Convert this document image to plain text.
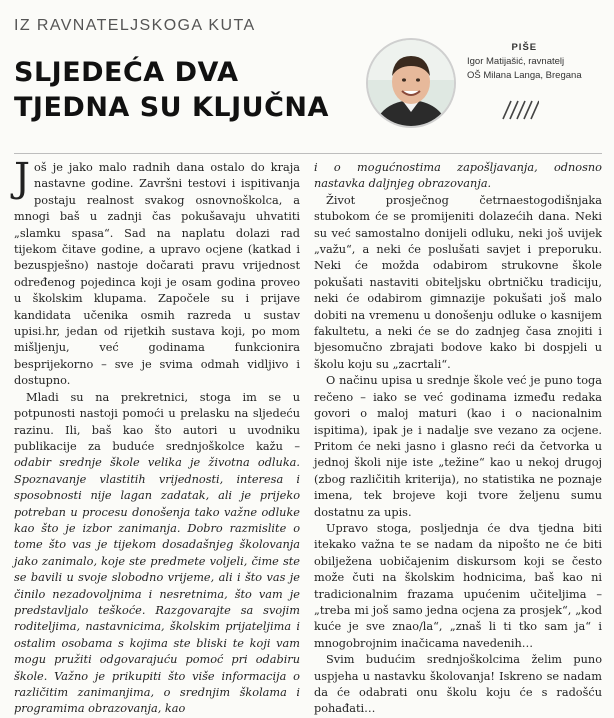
IZ RAVNATELJSKOGA KUTA
SLJEDEĆA DVA
TJEDNA SU KLJUČNA
PIŠE
Igor Matijašić, ravnatelj
OŠ Milana Langa, Bregana

Još je jako malo radnih dana ostalo do kraja nastavne godine. Završni testovi i ispitivanja postaju realnost svakog osnovnoškolca, a mnogi baš u zadnji čas pokušavaju uhvatiti „slamku spasa“. Sad na naplatu dolazi rad tijekom čitave godine, a upravo ocjene (katkad i bezuspješno) nastoje dočarati pravu vrijednost određenog pojedinca koji je osam godina proveo u školskim klupama. Započele su i prijave kandidata učenika osmih razreda u sustav upisi.hr, jedan od rijetkih sustava koji, po mom mišljenju, već godinama funkcionira besprijekorno – sve je svima odmah vidljivo i dostupno.

Mladi su na prekretnici, stoga im se u potpunosti nastoji pomoći u prelasku na sljedeću razinu. Ili, baš kao što autori u uvodniku publikacije za buduće srednjoškolce kažu – odabir srednje škole velika je životna odluka. Spoznavanje vlastitih vrijednosti, interesa i sposobnosti nije lagan zadatak, ali je prijeko potreban u procesu donošenja tako važne odluke kao što je izbor zanimanja. Dobro razmislite o tome što vas je tijekom dosadašnjeg školovanja jako zanimalo, koje ste predmete voljeli, čime ste se bavili u svoje slobodno vrijeme, ali i što vas je činilo nezadovoljnima i nesretnima, što vam je predstavljalo teškoće. Razgovarajte sa svojim roditeljima, nastavnicima, školskim prijateljima i ostalim osobama s kojima ste bliski te koji vam mogu pružiti odgovarajuću pomoć pri odabiru škole. Važno je prikupiti što više informacija o različitim zanimanjima, o srednjim školama i programima obrazovanja, kao

i o mogućnostima zapošljavanja, odnosno nastavka daljnjeg obrazovanja.

Život prosječnog četrnaestogodišnjaka stubokom će se promijeniti dolazećih dana. Neki su već samostalno donijeli odluku, neki još uvijek „važu“, a neki će poslušati savjet i preporuku. Neki će možda odabirom strukovne škole pokušati nastaviti obiteljsku obrtničku tradiciju, neki će odabirom gimnazije pokušati još malo dobiti na vremenu u donošenju odluke o kasnijem fakultetu, a neki će se do zadnjeg časa znojiti i bjesomučno zbrajati bodove kako bi dospjeli u školu koju su „zacrtali“.

O načinu upisa u srednje škole već je puno toga rečeno – iako se već godinama između redaka govori o maloj maturi (kao i o nacionalnim ispitima), ipak je i nadalje sve vezano za ocjene. Pritom će neki jasno i glasno reći da četvorka u jednoj školi nije iste „težine“ kao u nekoj drugoj (zbog različitih kriterija), no statistika ne poznaje imena, tek brojeve koji tvore željenu sumu dostatnu za upis.

Upravo stoga, posljednja će dva tjedna biti itekako važna te se nadam da nipošto ne će biti obilježena uobičajenim diskursom koji se često može čuti na školskim hodnicima, baš kao ni tradicionalnim frazama upućenim učiteljima – „treba mi još samo jedna ocjena za prosjek“, „kod kuće je sve znao/la“, „znaš li ti tko sam ja“ i mnogobrojnim inačicama navedenih…

Svim budućim srednjoškolcima želim puno uspjeha u nastavku školovanja! Iskreno se nadam da će odabrati onu školu koju će s radošću pohađati…
